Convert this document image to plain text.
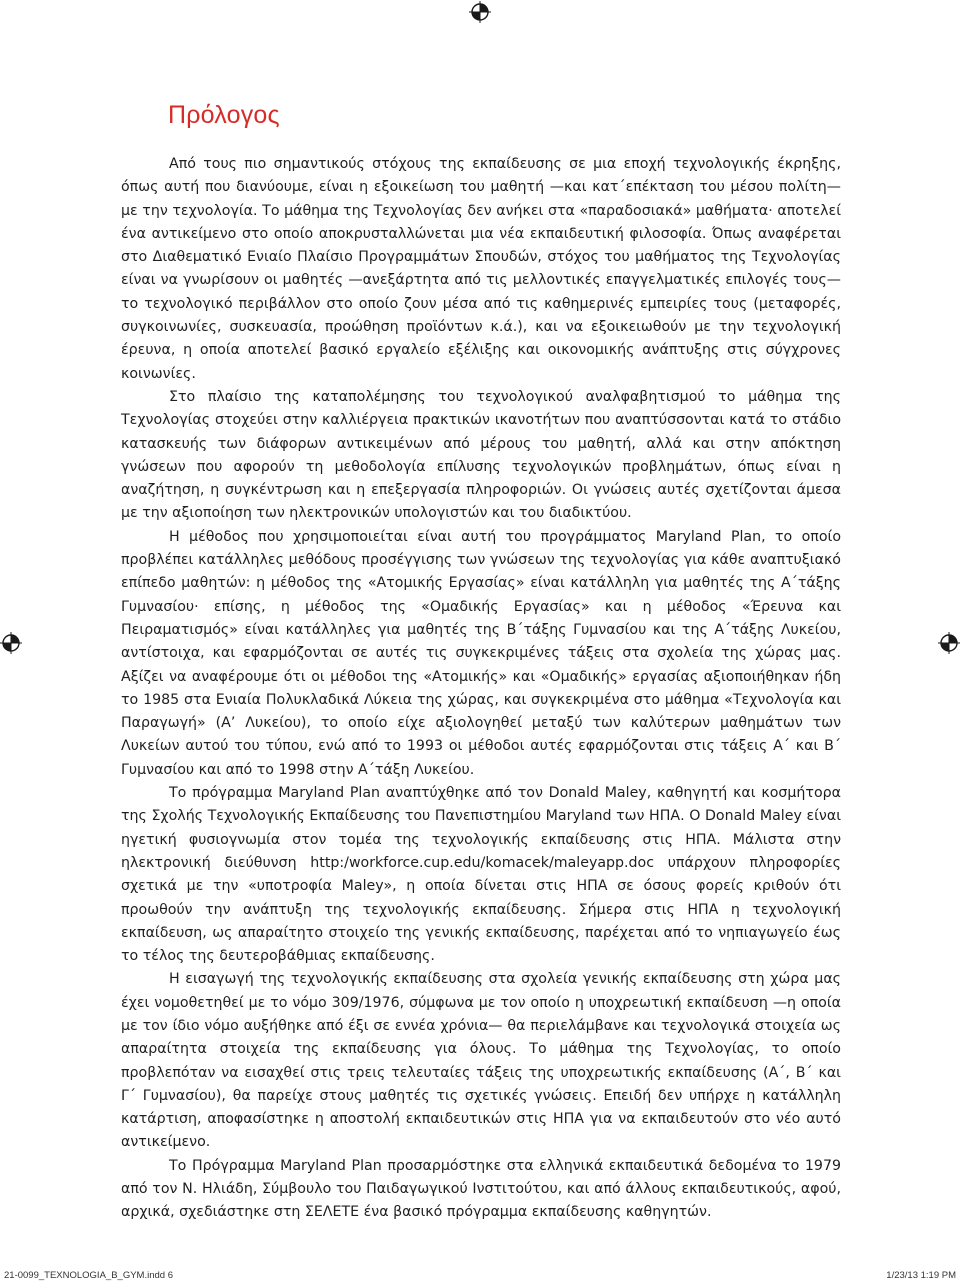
Πρόλογος

Από τους πιο σημαντικούς στόχους της εκπαίδευσης σε μια εποχή τεχνολογικής έκρηξης, όπως αυτή που διανύουμε, είναι η εξοικείωση του μαθητή —και κατ΄επέκταση του μέσου πολίτη— με την τεχνολογία. Το μάθημα της Τεχνολογίας δεν ανήκει στα «παραδοσιακά» μαθήματα· αποτελεί ένα αντικείμενο στο οποίο αποκρυσταλλώνεται μια νέα εκπαιδευτική φιλοσοφία. Όπως αναφέρεται στο Διαθεματικό Ενιαίο Πλαίσιο Προγραμμάτων Σπουδών, στόχος του μαθήματος της Τεχνολογίας είναι να γνωρίσουν οι μαθητές —ανεξάρτητα από τις μελλοντικές επαγγελματικές επιλογές τους— το τεχνολογικό περιβάλλον στο οποίο ζουν μέσα από τις καθημερινές εμπειρίες τους (μεταφορές, συγκοινωνίες, συσκευασία, προώθηση προϊόντων κ.ά.), και να εξοικειωθούν με την τεχνολογική έρευνα, η οποία αποτελεί βασικό εργαλείο εξέλιξης και οικονομικής ανάπτυξης στις σύγχρονες κοινωνίες.

Στο πλαίσιο της καταπολέμησης του τεχνολογικού αναλφαβητισμού το μάθημα της Τεχνολογίας στοχεύει στην καλλιέργεια πρακτικών ικανοτήτων που αναπτύσσονται κατά το στάδιο κατασκευής των διάφορων αντικειμένων από μέρους του μαθητή, αλλά και στην απόκτηση γνώσεων που αφορούν τη μεθοδολογία επίλυσης τεχνολογικών προβλημάτων, όπως είναι η αναζήτηση, η συγκέντρωση και η επεξεργασία πληροφοριών. Οι γνώσεις αυτές σχετίζονται άμεσα με την αξιοποίηση των ηλεκτρονικών υπολογιστών και του διαδικτύου.

Η μέθοδος που χρησιμοποιείται είναι αυτή του προγράμματος Maryland Plan, το οποίο προβλέπει κατάλληλες μεθόδους προσέγγισης των γνώσεων της τεχνολογίας για κάθε αναπτυξιακό επίπεδο μαθητών: η μέθοδος της «Ατομικής Εργασίας» είναι κατάλληλη για μαθητές της Α΄τάξης Γυμνασίου· επίσης, η μέθοδος της «Ομαδικής Εργασίας» και η μέθοδος «Έρευνα και Πειραματισμός» είναι κατάλληλες για μαθητές της Β΄τάξης Γυμνασίου και της Α΄τάξης Λυκείου, αντίστοιχα, και εφαρμόζονται σε αυτές τις συγκεκριμένες τάξεις στα σχολεία της χώρας μας. Αξίζει να αναφέρουμε ότι οι μέθοδοι της «Ατομικής» και «Ομαδικής» εργασίας αξιοποιήθηκαν ήδη το 1985 στα Ενιαία Πολυκλαδικά Λύκεια της χώρας, και συγκεκριμένα στο μάθημα «Τεχνολογία και Παραγωγή» (Α’ Λυκείου), το οποίο είχε αξιολογηθεί μεταξύ των καλύτερων μαθημάτων των Λυκείων αυτού του τύπου, ενώ από το 1993 οι μέθοδοι αυτές εφαρμόζονται στις τάξεις Α΄ και Β΄ Γυμνασίου και από το 1998 στην Α΄τάξη Λυκείου.

Το πρόγραμμα Maryland Plan αναπτύχθηκε από τον Donald Maley, καθηγητή και κοσμήτορα της Σχολής Τεχνολογικής Εκπαίδευσης του Πανεπιστημίου Maryland των ΗΠΑ. Ο Donald Maley είναι ηγετική φυσιογνωμία στον τομέα της τεχνολογικής εκπαίδευσης στις ΗΠΑ. Μάλιστα στην ηλεκτρονική διεύθυνση http:/workforce.cup.edu/komacek/maleyapp.doc υπάρχουν πληροφορίες σχετικά με την «υποτροφία Maley», η οποία δίνεται στις ΗΠΑ σε όσους φορείς κριθούν ότι προωθούν την ανάπτυξη της τεχνολογικής εκπαίδευσης. Σήμερα στις ΗΠΑ η τεχνολογική εκπαίδευση, ως απαραίτητο στοιχείο της γενικής εκπαίδευσης, παρέχεται από το νηπιαγωγείο έως το τέλος της δευτεροβάθμιας εκπαίδευσης.

Η εισαγωγή της τεχνολογικής εκπαίδευσης στα σχολεία γενικής εκπαίδευσης στη χώρα μας έχει νομοθετηθεί με το νόμο 309/1976, σύμφωνα με τον οποίο η υποχρεωτική εκπαίδευση —η οποία με τον ίδιο νόμο αυξήθηκε από έξι σε εννέα χρόνια— θα περιελάμβανε και τεχνολογικά στοιχεία ως απαραίτητα στοιχεία της εκπαίδευσης για όλους. Το μάθημα της Τεχνολογίας, το οποίο προβλεπόταν να εισαχθεί στις τρεις τελευταίες τάξεις της υποχρεωτικής εκπαίδευσης (Α΄, Β΄ και Γ΄ Γυμνασίου), θα παρείχε στους μαθητές τις σχετικές γνώσεις. Επειδή δεν υπήρχε η κατάλληλη κατάρτιση, αποφασίστηκε η αποστολή εκπαιδευτικών στις ΗΠΑ για να εκπαιδευτούν στο νέο αυτό αντικείμενο.

Το Πρόγραμμα Maryland Plan προσαρμόστηκε στα ελληνικά εκπαιδευτικά δεδομένα το 1979 από τον Ν. Ηλιάδη, Σύμβουλο του Παιδαγωγικού Ινστιτούτου, και από άλλους εκπαιδευτικούς, αφού, αρχικά, σχεδιάστηκε στη ΣΕΛΕΤΕ ένα βασικό πρόγραμμα εκπαίδευσης καθηγητών.

21-0099_TEXNOLOGIA_B_GYM.indd 6	1/23/13 1:19 PM
